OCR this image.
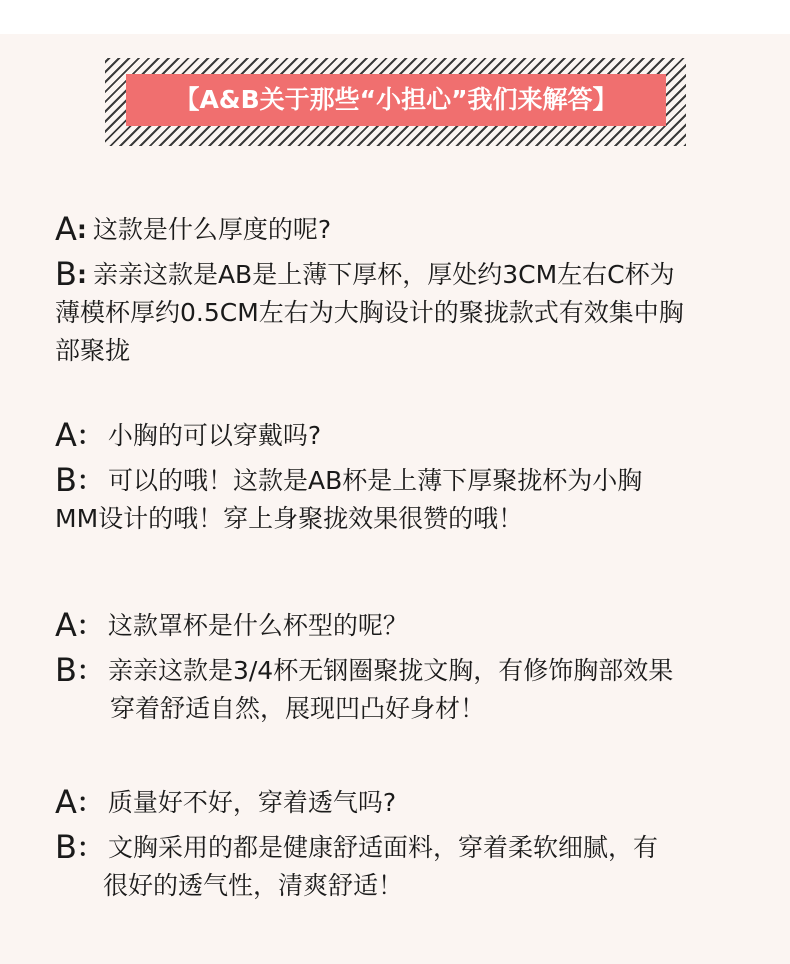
【A&B关于那些“小担心”我们来解答】
A: 这款是什么厚度的呢?
B: 亲亲这款是AB是上薄下厚杯，厚处约3CM左右C杯为
薄模杯厚约0.5CM左右为大胸设计的聚拢款式有效集中胸
部聚拢
A： 小胸的可以穿戴吗?
B： 可以的哦！这款是AB杯是上薄下厚聚拢杯为小胸
MM设计的哦！穿上身聚拢效果很赞的哦！
A： 这款罩杯是什么杯型的呢？
B： 亲亲这款是3/4杯无钢圈聚拢文胸，有修饰胸部效果
穿着舒适自然，展现凹凸好身材！
A： 质量好不好，穿着透气吗?
B： 文胸采用的都是健康舒适面料，穿着柔软细腻，有
很好的透气性，清爽舒适！
